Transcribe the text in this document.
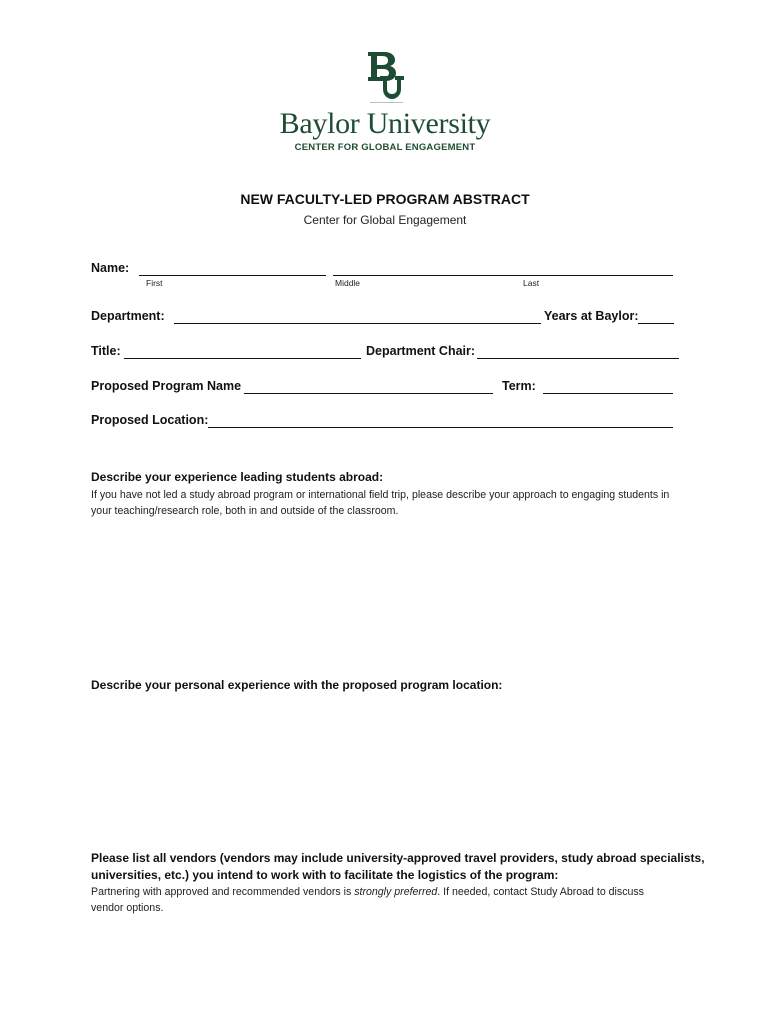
Baylor University
CENTER FOR GLOBAL ENGAGEMENT
NEW FACULTY-LED PROGRAM ABSTRACT
Center for Global Engagement
Name:
First	Middle	Last
Department:	Years at Baylor:
Title:	Department Chair:
Proposed Program Name	Term:
Proposed Location:
Describe your experience leading students abroad:
If you have not led a study abroad program or international field trip, please describe your approach to engaging students in your teaching/research role, both in and outside of the classroom.
Describe your personal experience with the proposed program location:
Please list all vendors (vendors may include university-approved travel providers, study abroad specialists, universities, etc.) you intend to work with to facilitate the logistics of the program:
Partnering with approved and recommended vendors is strongly preferred. If needed, contact Study Abroad to discuss vendor options.
